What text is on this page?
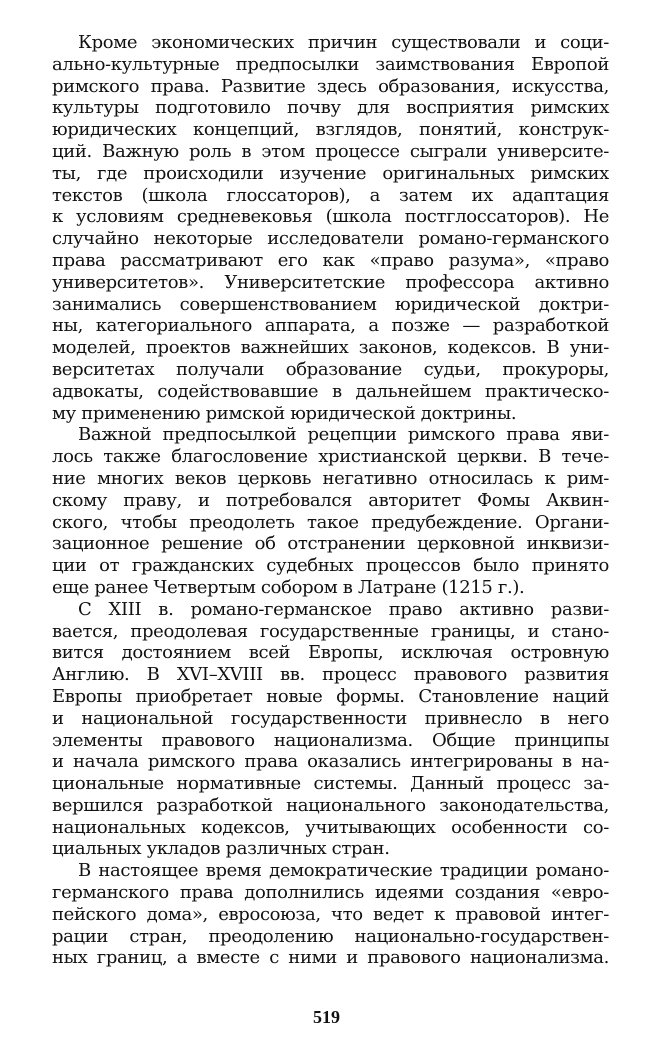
Кроме экономических причин существовали и соци-
ально-культурные предпосылки заимствования Европой
римского права. Развитие здесь образования, искусства,
культуры подготовило почву для восприятия римских
юридических концепций, взглядов, понятий, конструк-
ций. Важную роль в этом процессе сыграли университе-
ты, где происходили изучение оригинальных римских
текстов (школа глоссаторов), а затем их адаптация
к условиям средневековья (школа постглоссаторов). Не
случайно некоторые исследователи романо-германского
права рассматривают его как «право разума», «право
университетов». Университетские профессора активно
занимались совершенствованием юридической доктри-
ны, категориального аппарата, а позже — разработкой
моделей, проектов важнейших законов, кодексов. В уни-
верситетах получали образование судьи, прокуроры,
адвокаты, содействовавшие в дальнейшем практическо-
му применению римской юридической доктрины.
Важной предпосылкой рецепции римского права яви-
лось также благословение христианской церкви. В тече-
ние многих веков церковь негативно относилась к рим-
скому праву, и потребовался авторитет Фомы Аквин-
ского, чтобы преодолеть такое предубеждение. Органи-
зационное решение об отстранении церковной инквизи-
ции от гражданских судебных процессов было принято
еще ранее Четвертым собором в Латране (1215 г.).
С XIII в. романо-германское право активно разви-
вается, преодолевая государственные границы, и стано-
вится достоянием всей Европы, исключая островную
Англию. В XVI–XVIII вв. процесс правового развития
Европы приобретает новые формы. Становление наций
и национальной государственности привнесло в него
элементы правового национализма. Общие принципы
и начала римского права оказались интегрированы в на-
циональные нормативные системы. Данный процесс за-
вершился разработкой национального законодательства,
национальных кодексов, учитывающих особенности со-
циальных укладов различных стран.
В настоящее время демократические традиции романо-
германского права дополнились идеями создания «евро-
пейского дома», евросоюза, что ведет к правовой интег-
рации стран, преодолению национально-государствен-
ных границ, а вместе с ними и правового национализма.
519
